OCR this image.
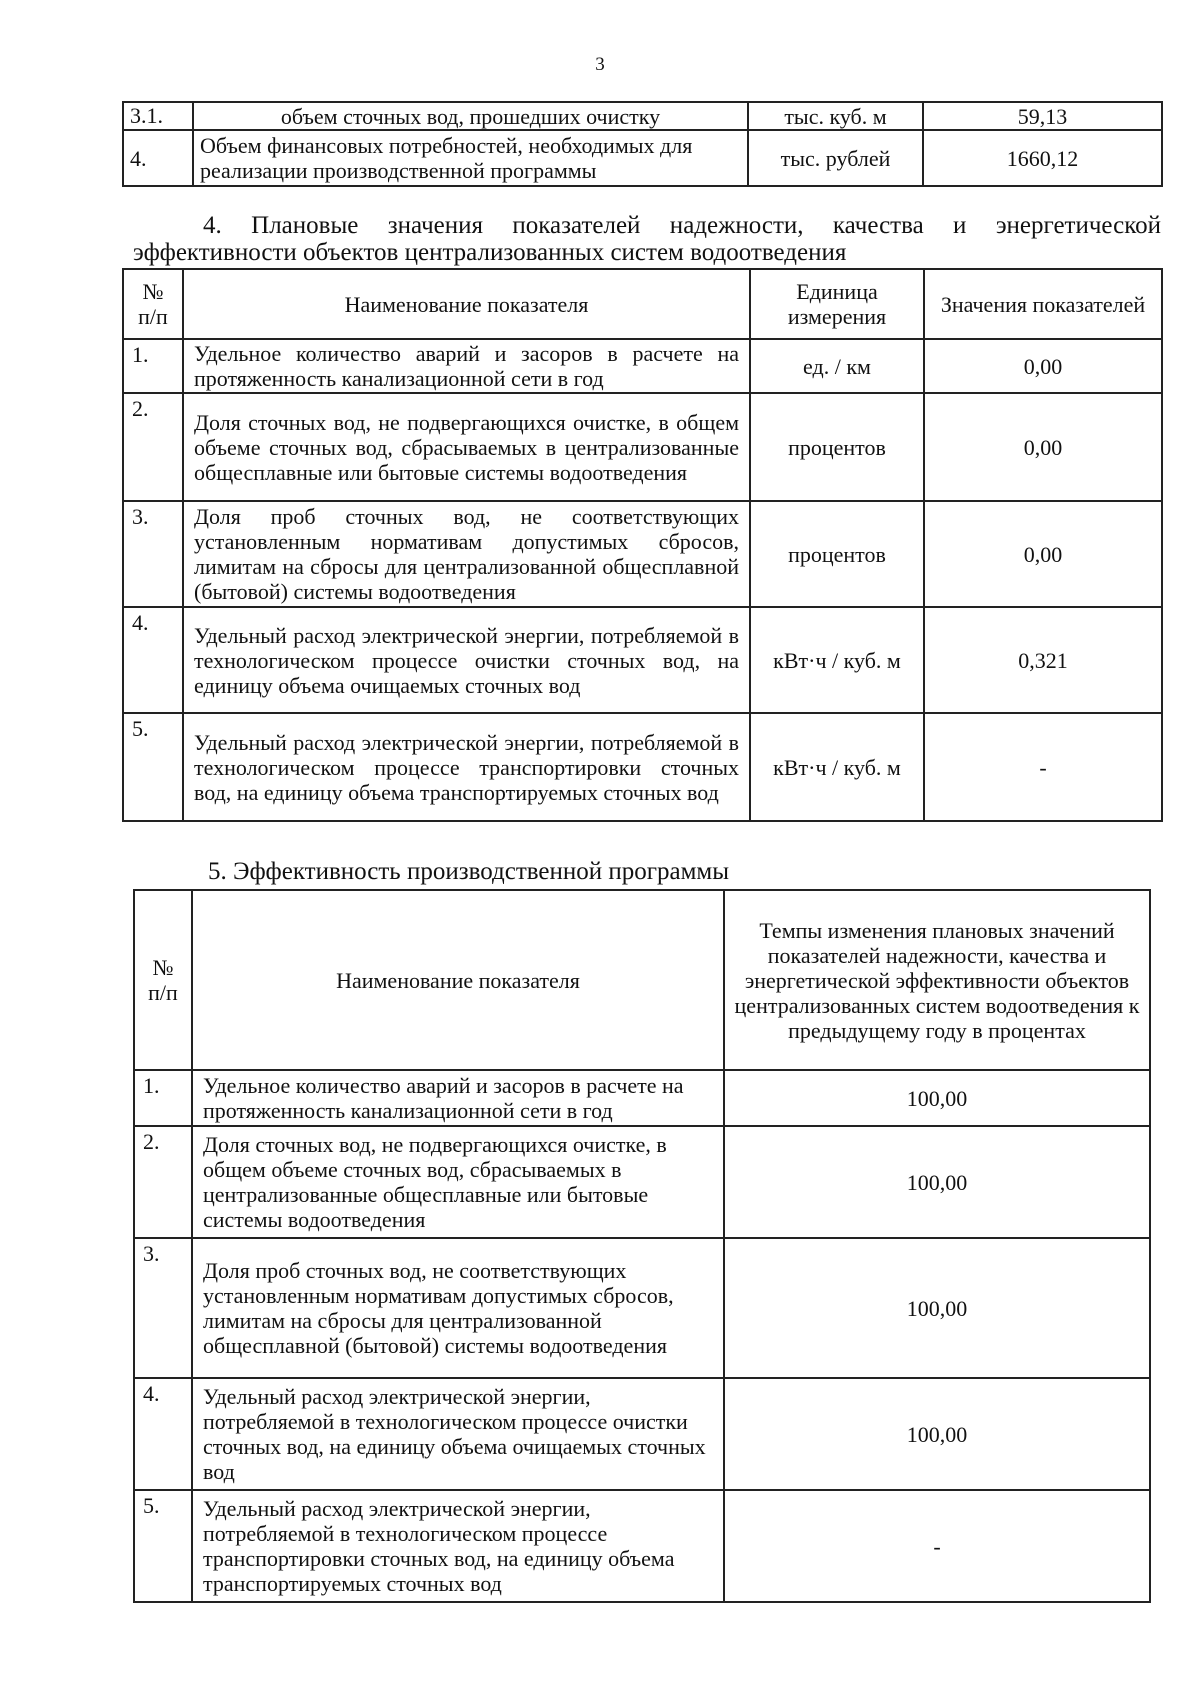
3
3.1.	объем сточных вод, прошедших очистку	тыс. куб. м	59,13
4.	Объем финансовых потребностей, необходимых для реализации производственной программы	тыс. рублей	1660,12

4. Плановые значения показателей надежности, качества и энергетической эффективности объектов централизованных систем водоотведения

№ п/п	Наименование показателя	Единица измерения	Значения показателей
1.	Удельное количество аварий и засоров в расчете на протяженность канализационной сети в год	ед. / км	0,00
2.	Доля сточных вод, не подвергающихся очистке, в общем объеме сточных вод, сбрасываемых в централизованные общесплавные или бытовые системы водоотведения	процентов	0,00
3.	Доля проб сточных вод, не соответствующих установленным нормативам допустимых сбросов, лимитам на сбросы для централизованной общесплавной (бытовой) системы водоотведения	процентов	0,00
4.	Удельный расход электрической энергии, потребляемой в технологическом процессе очистки сточных вод, на единицу объема очищаемых сточных вод	кВт·ч / куб. м	0,321
5.	Удельный расход электрической энергии, потребляемой в технологическом процессе транспортировки сточных вод, на единицу объема транспортируемых сточных вод	кВт·ч / куб. м	-

5. Эффективность производственной программы

№ п/п	Наименование показателя	Темпы изменения плановых значений показателей надежности, качества и энергетической эффективности объектов централизованных систем водоотведения к предыдущему году в процентах
1.	Удельное количество аварий и засоров в расчете на протяженность канализационной сети в год	100,00
2.	Доля сточных вод, не подвергающихся очистке, в общем объеме сточных вод, сбрасываемых в централизованные общесплавные или бытовые системы водоотведения	100,00
3.	Доля проб сточных вод, не соответствующих установленным нормативам допустимых сбросов, лимитам на сбросы для централизованной общесплавной (бытовой) системы водоотведения	100,00
4.	Удельный расход электрической энергии, потребляемой в технологическом процессе очистки сточных вод, на единицу объема очищаемых сточных вод	100,00
5.	Удельный расход электрической энергии, потребляемой в технологическом процессе транспортировки сточных вод, на единицу объема транспортируемых сточных вод	-
